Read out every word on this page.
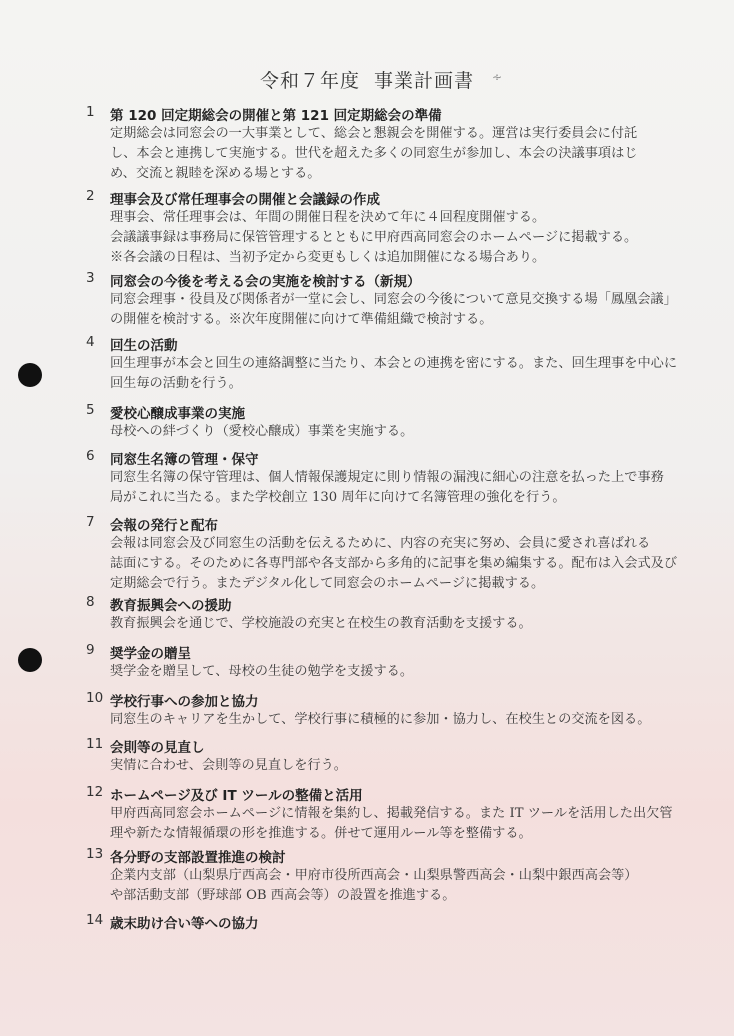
令和７年度 事業計画書	∻
1	第 120 回定期総会の開催と第 121 回定期総会の準備
定期総会は同窓会の一大事業として、総会と懇親会を開催する。運営は実行委員会に付託
し、本会と連携して実施する。世代を超えた多くの同窓生が参加し、本会の決議事項はじ
め、交流と親睦を深める場とする。
2	理事会及び常任理事会の開催と会議録の作成
理事会、常任理事会は、年間の開催日程を決めて年に４回程度開催する。
会議議事録は事務局に保管管理するとともに甲府西高同窓会のホームページに掲載する。
※各会議の日程は、当初予定から変更もしくは追加開催になる場合あり。
3	同窓会の今後を考える会の実施を検討する（新規）
同窓会理事・役員及び関係者が一堂に会し、同窓会の今後について意見交換する場「鳳凰会議」
の開催を検討する。※次年度開催に向けて準備組織で検討する。
4	回生の活動
回生理事が本会と回生の連絡調整に当たり、本会との連携を密にする。また、回生理事を中心に
回生毎の活動を行う。
5	愛校心醸成事業の実施
母校への絆づくり（愛校心醸成）事業を実施する。
6	同窓生名簿の管理・保守
同窓生名簿の保守管理は、個人情報保護規定に則り情報の漏洩に細心の注意を払った上で事務
局がこれに当たる。また学校創立 130 周年に向けて名簿管理の強化を行う。
7	会報の発行と配布
会報は同窓会及び同窓生の活動を伝えるために、内容の充実に努め、会員に愛され喜ばれる
誌面にする。そのために各専門部や各支部から多角的に記事を集め編集する。配布は入会式及び
定期総会で行う。またデジタル化して同窓会のホームページに掲載する。
8	教育振興会への援助
教育振興会を通じで、学校施設の充実と在校生の教育活動を支援する。
9	奨学金の贈呈
奨学金を贈呈して、母校の生徒の勉学を支援する。
10 学校行事への参加と協力
同窓生のキャリアを生かして、学校行事に積極的に参加・協力し、在校生との交流を図る。
11 会則等の見直し
実情に合わせ、会則等の見直しを行う。
12 ホームページ及び IT ツールの整備と活用
甲府西高同窓会ホームページに情報を集約し、掲載発信する。また IT ツールを活用した出欠管
理や新たな情報循環の形を推進する。併せて運用ルール等を整備する。
13 各分野の支部設置推進の検討
企業内支部（山梨県庁西高会・甲府市役所西高会・山梨県警西高会・山梨中銀西高会等）
や部活動支部（野球部 OB 西高会等）の設置を推進する。
14 歳末助け合い等への協力
